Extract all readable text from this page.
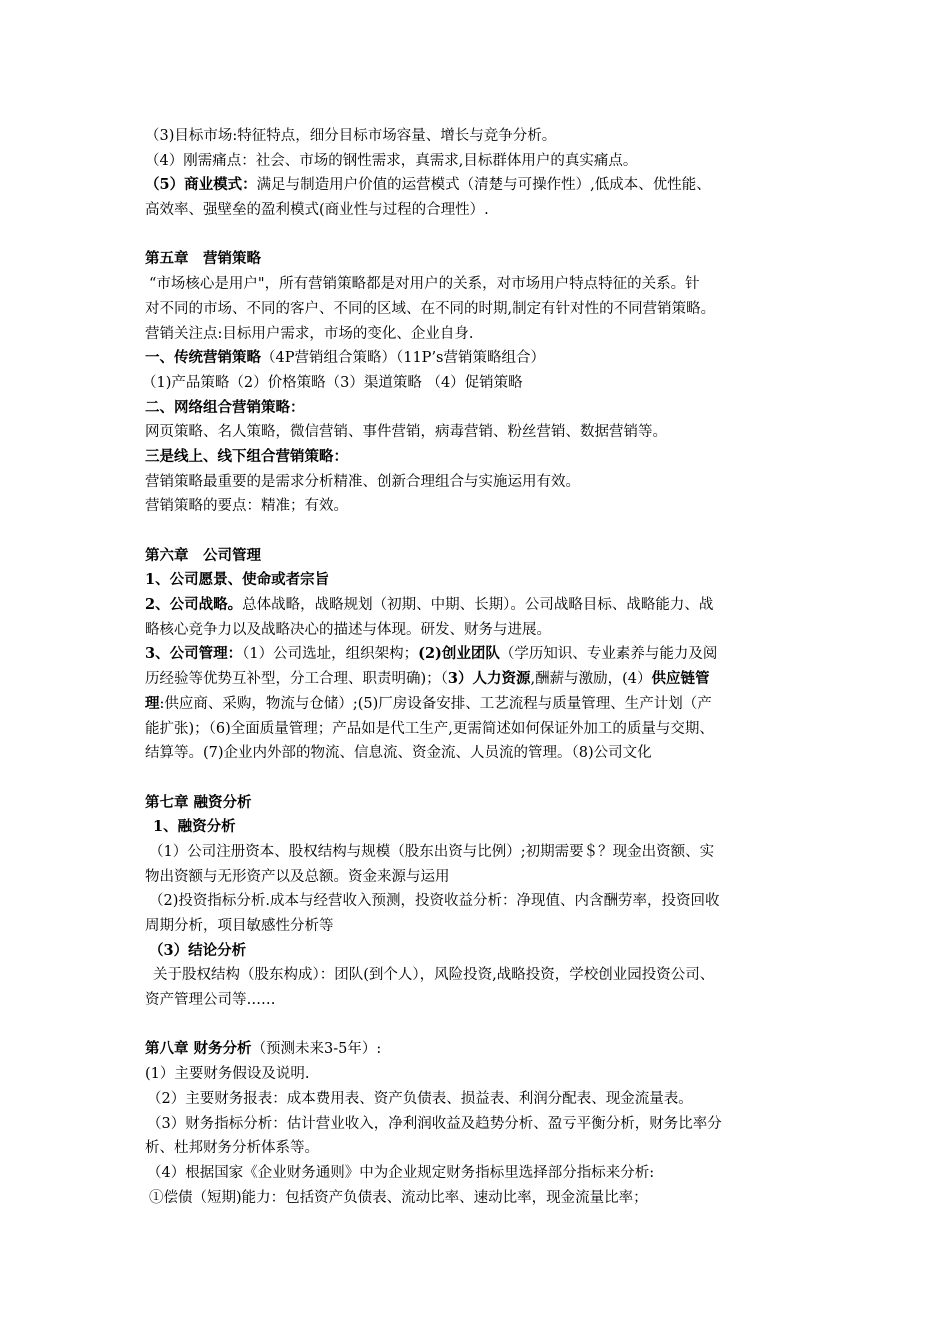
（3)目标市场:特征特点，细分目标市场容量、增长与竞争分析。
（4）刚需痛点：社会、市场的钢性需求，真需求,目标群体用户的真实痛点。
（5）商业模式：满足与制造用户价值的运营模式（清楚与可操作性）,低成本、优性能、
高效率、强壁垒的盈利模式(商业性与过程的合理性）.
第五章　营销策略
“市场核心是用户"，所有营销策略都是对用户的关系，对市场用户特点特征的关系。针
对不同的市场、不同的客户、不同的区域、在不同的时期,制定有针对性的不同营销策略。
营销关注点:目标用户需求，市场的变化、企业自身.
一、传统营销策略（4P营销组合策略）（11P’s营销策略组合）
（1)产品策略（2）价格策略（3）渠道策略 （4）促销策略
二、网络组合营销策略：
网页策略、名人策略，微信营销、事件营销，病毒营销、粉丝营销、数据营销等。
三是线上、线下组合营销策略：
营销策略最重要的是需求分析精准、创新合理组合与实施运用有效。
营销策略的要点：精准；有效。
第六章　公司管理
1、公司愿景、使命或者宗旨
2、公司战略。总体战略，战略规划（初期、中期、长期）。公司战略目标、战略能力、战
略核心竞争力以及战略决心的描述与体现。研发、财务与进展。
3、公司管理：（1）公司选址，组织架构；(2)创业团队（学历知识、专业素养与能力及阅
历经验等优势互补型，分工合理、职责明确)；（3）人力资源,酬薪与激励，(4）供应链管
理:供应商、采购，物流与仓储）;(5)厂房设备安排、工艺流程与质量管理、生产计划（产
能扩张)；（6)全面质量管理；产品如是代工生产,更需简述如何保证外加工的质量与交期、
结算等。(7)企业内外部的物流、信息流、资金流、人员流的管理。（8)公司文化
第七章 融资分析
1、融资分析
（1）公司注册资本、股权结构与规模（股东出资与比例）;初期需要＄？现金出资额、实
物出资额与无形资产以及总额。资金来源与运用
（2)投资指标分析.成本与经营收入预测，投资收益分析：净现值、内含酬劳率，投资回收
周期分析，项目敏感性分析等
（3）结论分析
关于股权结构（股东构成）：团队(到个人），风险投资,战略投资，学校创业园投资公司、
资产管理公司等……
第八章 财务分析（预测未来3-5年）:
(1）主要财务假设及说明.
（2）主要财务报表：成本费用表、资产负债表、损益表、利润分配表、现金流量表。
（3）财务指标分析：估计营业收入，净利润收益及趋势分析、盈亏平衡分析，财务比率分
析、杜邦财务分析体系等。
（4）根据国家《企业财务通则》中为企业规定财务指标里选择部分指标来分析:
①偿债（短期)能力：包括资产负债表、流动比率、速动比率，现金流量比率；
